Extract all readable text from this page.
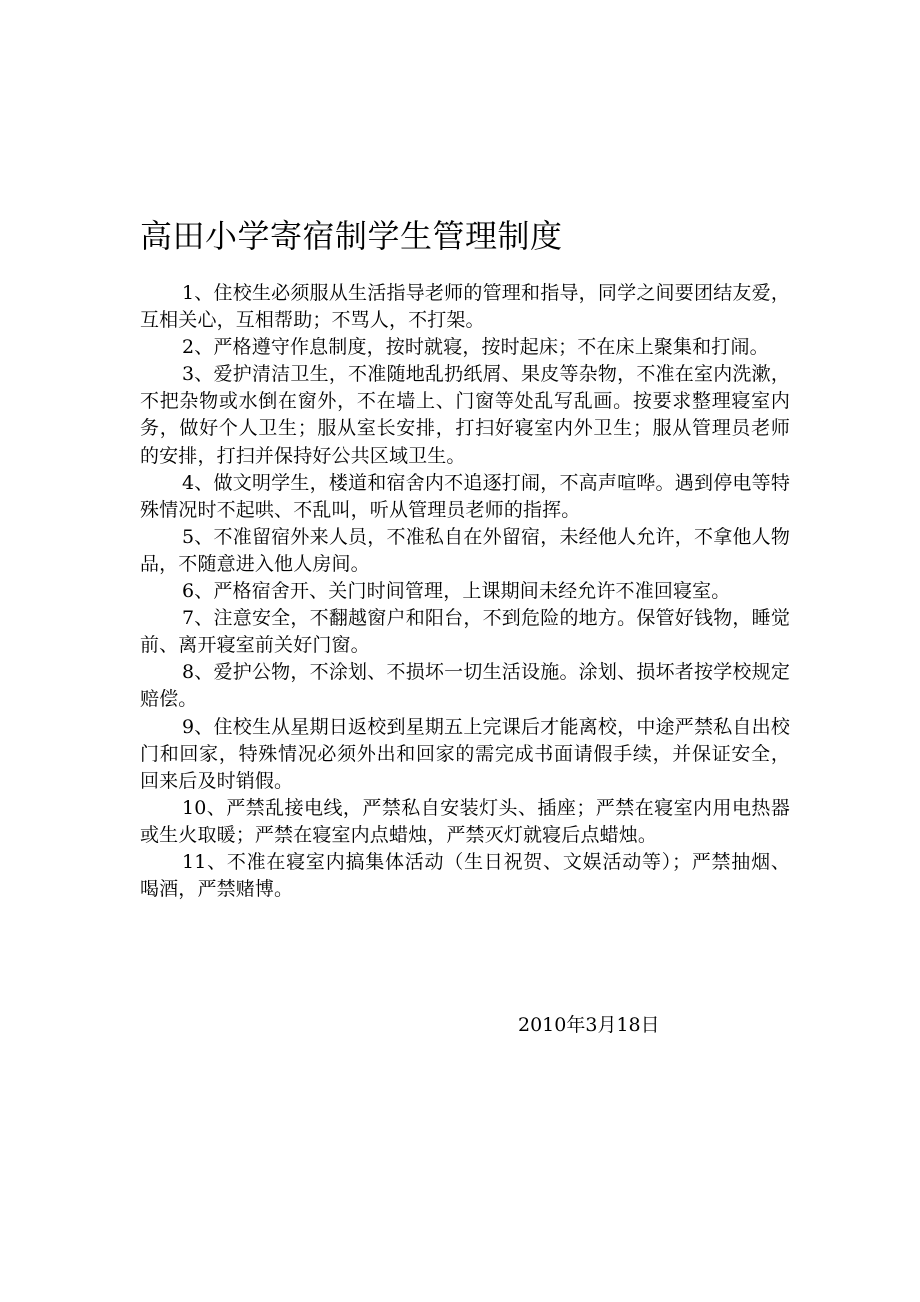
高田小学寄宿制学生管理制度
1、住校生必须服从生活指导老师的管理和指导，同学之间要团结友爱，互相关心，互相帮助；不骂人，不打架。
2、严格遵守作息制度，按时就寝，按时起床；不在床上聚集和打闹。
3、爱护清洁卫生，不准随地乱扔纸屑、果皮等杂物，不准在室内洗漱，不把杂物或水倒在窗外，不在墙上、门窗等处乱写乱画。按要求整理寝室内务，做好个人卫生；服从室长安排，打扫好寝室内外卫生；服从管理员老师的安排，打扫并保持好公共区域卫生。
4、做文明学生，楼道和宿舍内不追逐打闹，不高声喧哗。遇到停电等特殊情况时不起哄、不乱叫，听从管理员老师的指挥。
5、不准留宿外来人员，不准私自在外留宿，未经他人允许，不拿他人物品，不随意进入他人房间。
6、严格宿舍开、关门时间管理，上课期间未经允许不准回寝室。
7、注意安全，不翻越窗户和阳台，不到危险的地方。保管好钱物，睡觉前、离开寝室前关好门窗。
8、爱护公物，不涂划、不损坏一切生活设施。涂划、损坏者按学校规定赔偿。
9、住校生从星期日返校到星期五上完课后才能离校，中途严禁私自出校门和回家，特殊情况必须外出和回家的需完成书面请假手续，并保证安全，回来后及时销假。
10、严禁乱接电线，严禁私自安装灯头、插座；严禁在寝室内用电热器或生火取暖；严禁在寝室内点蜡烛，严禁灭灯就寝后点蜡烛。
11、不准在寝室内搞集体活动（生日祝贺、文娱活动等）；严禁抽烟、喝酒，严禁赌博。

2010年3月18日
